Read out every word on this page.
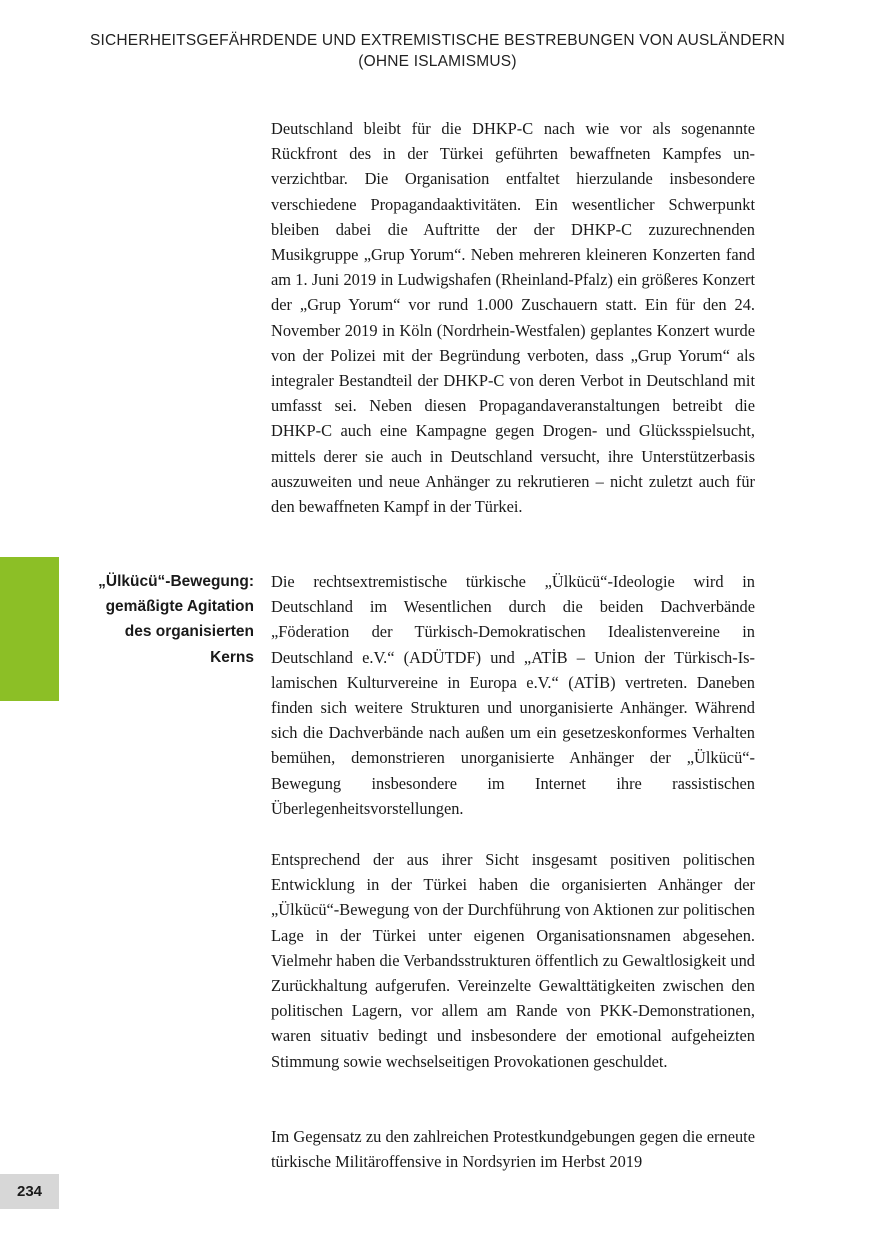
SICHERHEITSGEFÄHRDENDE UND EXTREMISTISCHE BESTREBUNGEN VON AUSLÄNDERN
(OHNE ISLAMISMUS)

Deutschland bleibt für die DHKP-C nach wie vor als sogenannte Rückfront des in der Türkei geführten bewaffneten Kampfes unverzichtbar. Die Organisation entfaltet hierzulande insbesondere verschiedene Propagandaaktivitäten. Ein wesentlicher Schwerpunkt bleiben dabei die Auftritte der der DHKP-C zuzurechnenden Musikgruppe „Grup Yorum“. Neben mehreren kleineren Konzerten fand am 1. Juni 2019 in Ludwigshafen (Rheinland-Pfalz) ein größeres Konzert der „Grup Yorum“ vor rund 1.000 Zuschauern statt. Ein für den 24. November 2019 in Köln (Nordrhein-Westfalen) geplantes Konzert wurde von der Polizei mit der Begründung verboten, dass „Grup Yorum“ als integraler Bestandteil der DHKP-C von deren Verbot in Deutschland mit umfasst sei. Neben diesen Propagandaveranstaltungen betreibt die DHKP-C auch eine Kampagne gegen Drogen- und Glücksspielsucht, mittels derer sie auch in Deutschland versucht, ihre Unterstützerbasis auszuweiten und neue Anhänger zu rekrutieren – nicht zuletzt auch für den bewaffneten Kampf in der Türkei.

„Ülkücü“-Bewegung:
gemäßigte Agitation
des organisierten
Kerns

Die rechtsextremistische türkische „Ülkücü“-Ideologie wird in Deutschland im Wesentlichen durch die beiden Dachverbände „Föderation der Türkisch-Demokratischen Idealistenvereine in Deutschland e.V.“ (ADÜTDF) und „ATİB – Union der Türkisch-Islamischen Kulturvereine in Europa e.V.“ (ATİB) vertreten. Daneben finden sich weitere Strukturen und unorganisierte Anhänger. Während sich die Dachverbände nach außen um ein gesetzeskonformes Verhalten bemühen, demonstrieren unorganisierte Anhänger der „Ülkücü“-Bewegung insbesondere im Internet ihre rassistischen Überlegenheitsvorstellungen.

Entsprechend der aus ihrer Sicht insgesamt positiven politischen Entwicklung in der Türkei haben die organisierten Anhänger der „Ülkücü“-Bewegung von der Durchführung von Aktionen zur politischen Lage in der Türkei unter eigenen Organisationsnamen abgesehen. Vielmehr haben die Verbandsstrukturen öffentlich zu Gewaltlosigkeit und Zurückhaltung aufgerufen. Vereinzelte Gewalttätigkeiten zwischen den politischen Lagern, vor allem am Rande von PKK-Demonstrationen, waren situativ bedingt und insbesondere der emotional aufgeheizten Stimmung sowie wechselseitigen Provokationen geschuldet.

Im Gegensatz zu den zahlreichen Protestkundgebungen gegen die erneute türkische Militäroffensive in Nordsyrien im Herbst 2019

234
